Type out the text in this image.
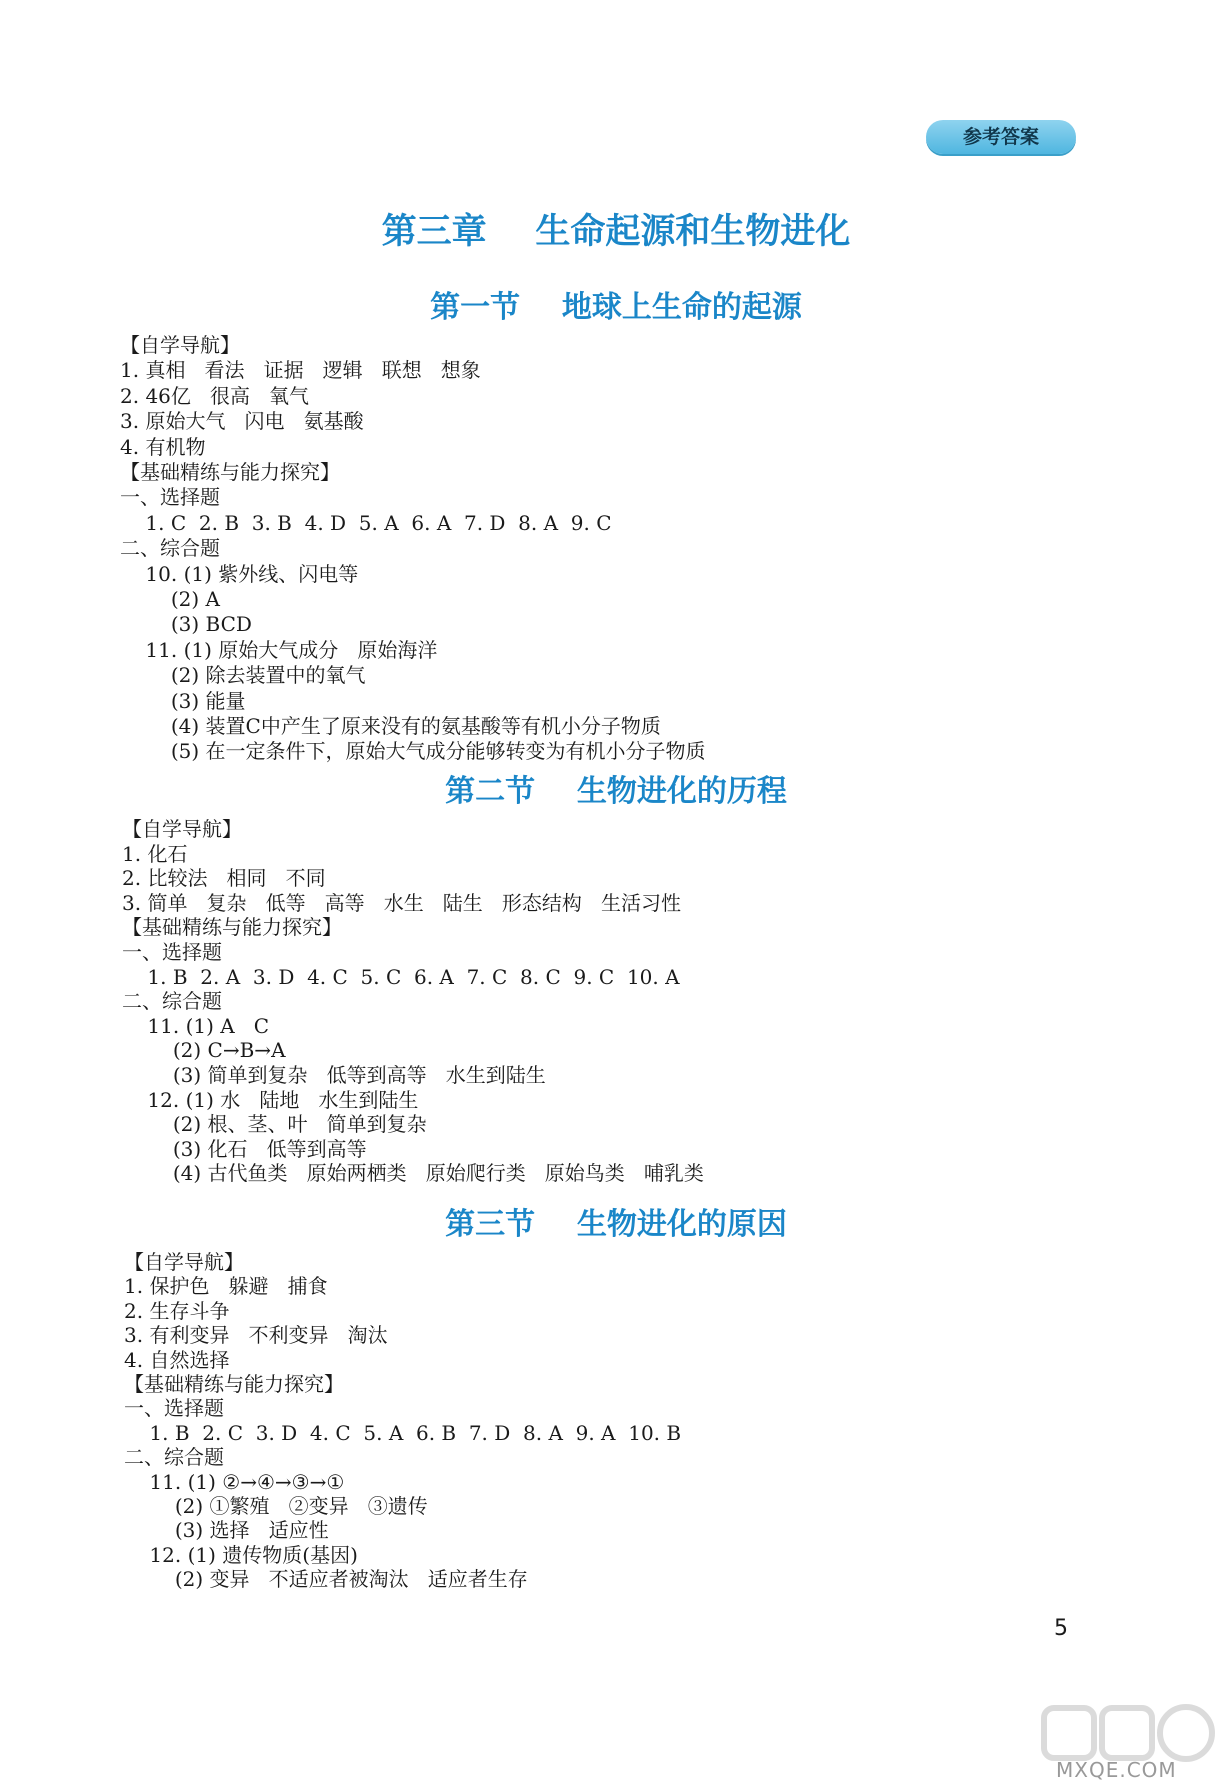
参考答案
第三章    生命起源和生物进化
第一节    地球上生命的起源
【自学导航】
1. 真相   看法   证据   逻辑   联想   想象
2. 46亿   很高   氧气
3. 原始大气   闪电   氨基酸
4. 有机物
【基础精练与能力探究】
一、选择题
1. C  2. B  3. B  4. D  5. A  6. A  7. D  8. A  9. C
二、综合题
10. (1) 紫外线、闪电等
(2) A
(3) BCD
11. (1) 原始大气成分   原始海洋
(2) 除去装置中的氧气
(3) 能量
(4) 装置C中产生了原来没有的氨基酸等有机小分子物质
(5) 在一定条件下，原始大气成分能够转变为有机小分子物质
第二节    生物进化的历程
【自学导航】
1. 化石
2. 比较法   相同   不同
3. 简单   复杂   低等   高等   水生   陆生   形态结构   生活习性
【基础精练与能力探究】
一、选择题
1. B  2. A  3. D  4. C  5. C  6. A  7. C  8. C  9. C  10. A
二、综合题
11. (1) A   C
(2) C→B→A
(3) 简单到复杂   低等到高等   水生到陆生
12. (1) 水   陆地   水生到陆生
(2) 根、茎、叶   简单到复杂
(3) 化石   低等到高等
(4) 古代鱼类   原始两栖类   原始爬行类   原始鸟类   哺乳类
第三节    生物进化的原因
【自学导航】
1. 保护色   躲避   捕食
2. 生存斗争
3. 有利变异   不利变异   淘汰
4. 自然选择
【基础精练与能力探究】
一、选择题
1. B  2. C  3. D  4. C  5. A  6. B  7. D  8. A  9. A  10. B
二、综合题
11. (1) ②→④→③→①
(2) ①繁殖   ②变异   ③遗传
(3) 选择   适应性
12. (1) 遗传物质(基因)
(2) 变异   不适应者被淘汰   适应者生存
5
MXQE.COM
